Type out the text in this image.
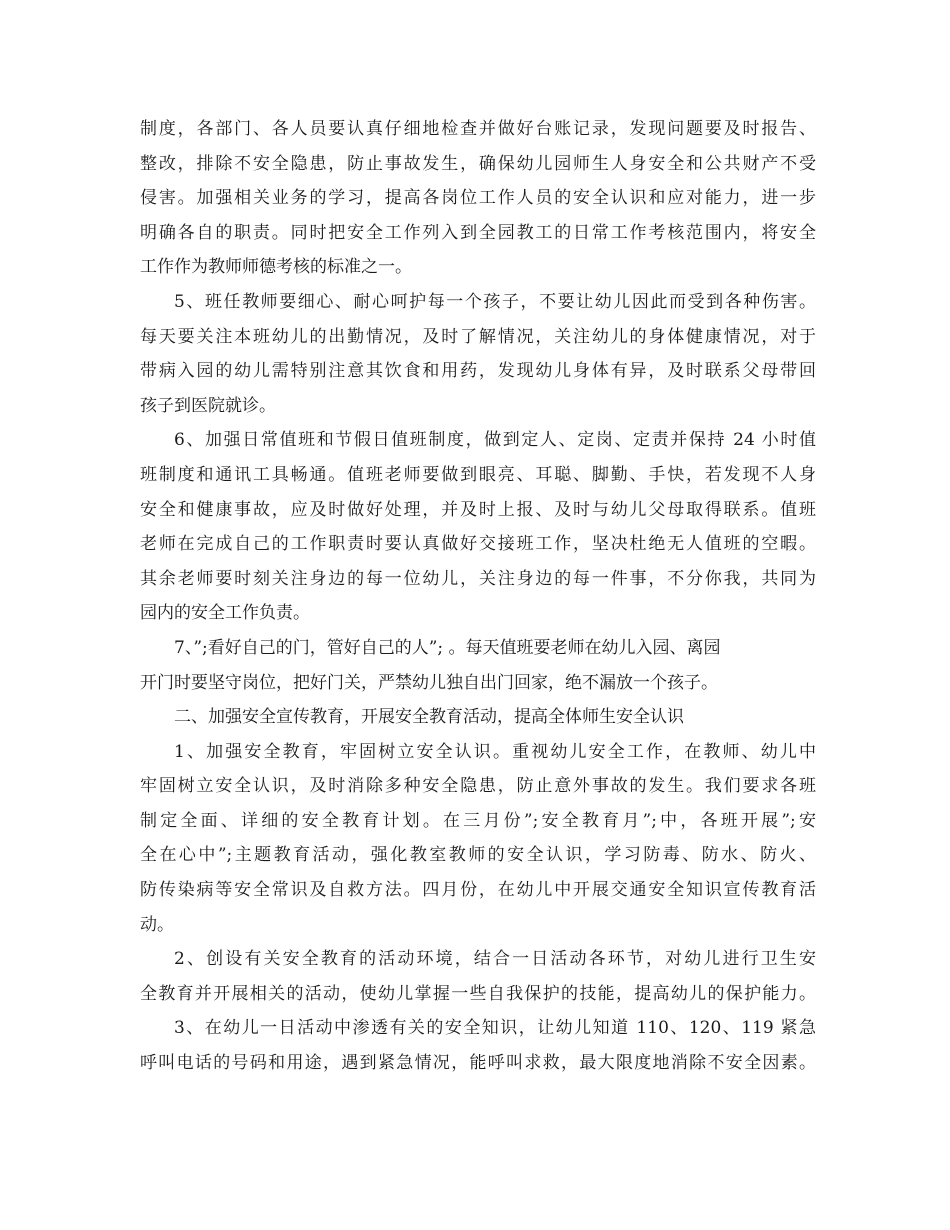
制度，各部门、各人员要认真仔细地检查并做好台账记录，发现问题要及时报告、
整改，排除不安全隐患，防止事故发生，确保幼儿园师生人身安全和公共财产不受
侵害。加强相关业务的学习，提高各岗位工作人员的安全认识和应对能力，进一步
明确各自的职责。同时把安全工作列入到全园教工的日常工作考核范围内，将安全
工作作为教师师德考核的标准之一。
5、班任教师要细心、耐心呵护每一个孩子，不要让幼儿因此而受到各种伤害。
每天要关注本班幼儿的出勤情况，及时了解情况，关注幼儿的身体健康情况，对于
带病入园的幼儿需特别注意其饮食和用药，发现幼儿身体有异，及时联系父母带回
孩子到医院就诊。
6、加强日常值班和节假日值班制度，做到定人、定岗、定责并保持 24 小时值
班制度和通讯工具畅通。值班老师要做到眼亮、耳聪、脚勤、手快，若发现不人身
安全和健康事故，应及时做好处理，并及时上报、及时与幼儿父母取得联系。值班
老师在完成自己的工作职责时要认真做好交接班工作，坚决杜绝无人值班的空暇。
其余老师要时刻关注身边的每一位幼儿，关注身边的每一件事，不分你我，共同为
园内的安全工作负责。
7、”;看好自己的门，管好自己的人”; 。每天值班要老师在幼儿入园、离园
开门时要坚守岗位，把好门关，严禁幼儿独自出门回家，绝不漏放一个孩子。
二、加强安全宣传教育，开展安全教育活动，提高全体师生安全认识
1、加强安全教育，牢固树立安全认识。重视幼儿安全工作，在教师、幼儿中
牢固树立安全认识，及时消除多种安全隐患，防止意外事故的发生。我们要求各班
制定全面、详细的安全教育计划。在三月份”;安全教育月”;中，各班开展”;安
全在心中”;主题教育活动，强化教室教师的安全认识，学习防毒、防水、防火、
防传染病等安全常识及自救方法。四月份，在幼儿中开展交通安全知识宣传教育活
动。
2、创设有关安全教育的活动环境，结合一日活动各环节，对幼儿进行卫生安
全教育并开展相关的活动，使幼儿掌握一些自我保护的技能，提高幼儿的保护能力。
3、在幼儿一日活动中渗透有关的安全知识，让幼儿知道 110、120、119 紧急
呼叫电话的号码和用途，遇到紧急情况，能呼叫求救，最大限度地消除不安全因素。
